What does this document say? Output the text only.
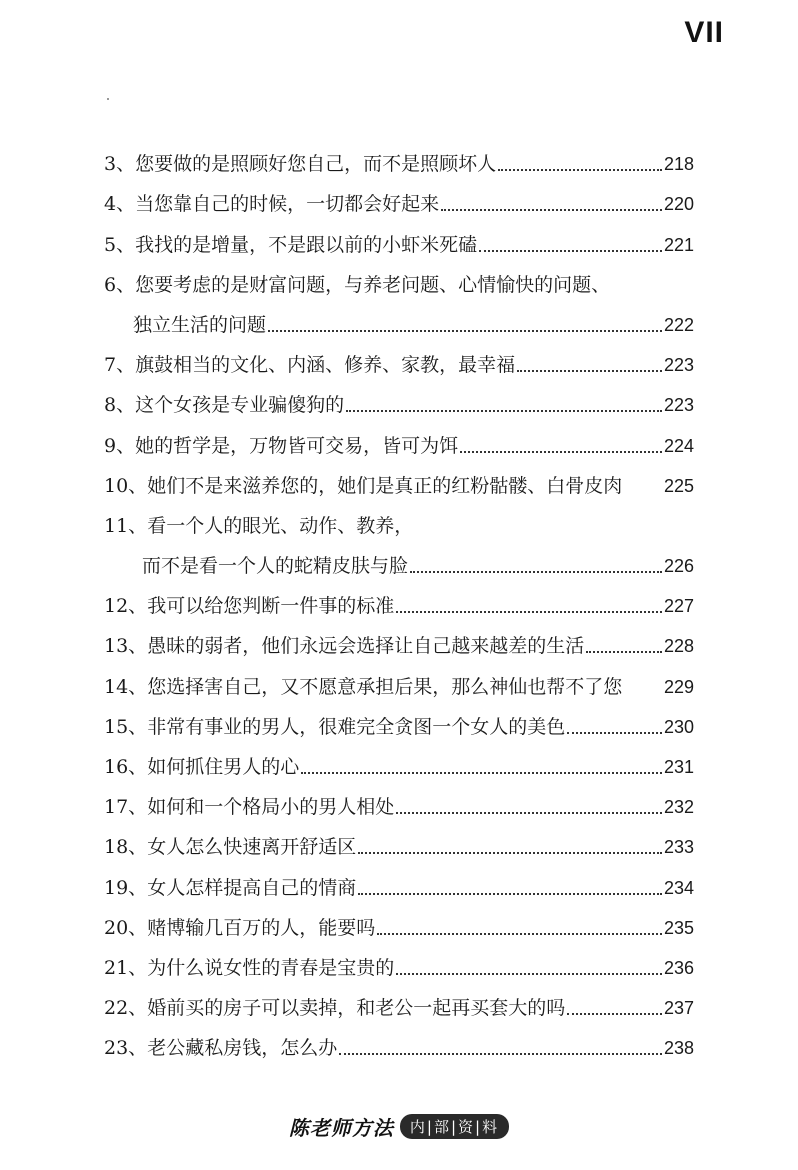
VII
3、 您要做的是照顾好您自己，而不是照顾坏人	218
4、 当您靠自己的时候，一切都会好起来	220
5、 我找的是增量，不是跟以前的小虾米死磕	221
6、 您要考虑的是财富问题，与养老问题、心情愉快的问题、
独立生活的问题	222
7、 旗鼓相当的文化、内涵、修养、家教，最幸福	223
8、 这个女孩是专业骗傻狗的	223
9、 她的哲学是，万物皆可交易，皆可为饵	224
10、 她们不是来滋养您的，她们是真正的红粉骷髅、白骨皮肉 225
11、 看一个人的眼光、动作、教养，
而不是看一个人的蛇精皮肤与脸	226
12、 我可以给您判断一件事的标准	227
13、 愚昧的弱者，他们永远会选择让自己越来越差的生活	228
14、 您选择害自己，又不愿意承担后果，那么神仙也帮不了您 229
15、 非常有事业的男人，很难完全贪图一个女人的美色	230
16、 如何抓住男人的心	231
17、 如何和一个格局小的男人相处	232
18、 女人怎么快速离开舒适区	233
19、 女人怎样提高自己的情商	234
20、 赌博输几百万的人，能要吗	235
21、 为什么说女性的青春是宝贵的	236
22、 婚前买的房子可以卖掉，和老公一起再买套大的吗	237
23、 老公藏私房钱，怎么办	238
陈老师方法	内|部|资|料
